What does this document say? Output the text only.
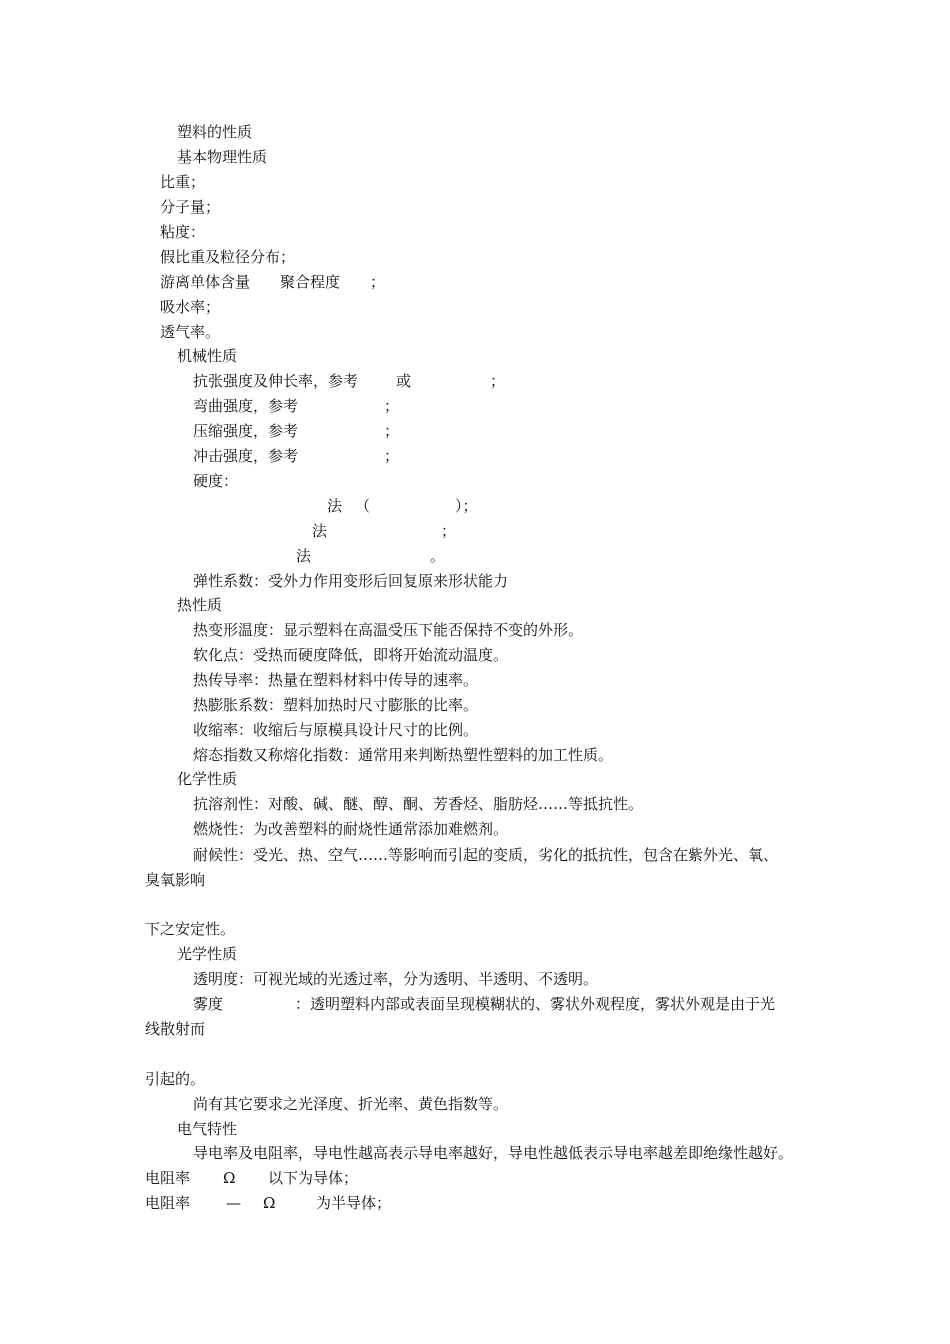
塑料的性质
基本物理性质
比重；
分子量；
粘度：
假比重及粒径分布；
游离单体含量 聚合程度 ；
吸水率；
透气率。
机械性质
抗张强度及伸长率，参考	或	；
弯曲强度，参考	；
压缩强度，参考	；
冲击强度，参考	；
硬度：
法 （	）；
法	；
法	。
弹性系数：受外力作用变形后回复原来形状能力
热性质
热变形温度：显示塑料在高温受压下能否保持不变的外形。
软化点：受热而硬度降低，即将开始流动温度。
热传导率：热量在塑料材料中传导的速率。
热膨胀系数：塑料加热时尺寸膨胀的比率。
收缩率：收缩后与原模具设计尺寸的比例。
熔态指数又称熔化指数：通常用来判断热塑性塑料的加工性质。
化学性质
抗溶剂性：对酸、碱、醚、醇、酮、芳香烃、脂肪烃……等抵抗性。
燃烧性：为改善塑料的耐烧性通常添加难燃剂。
耐候性：受光、热、空气……等影响而引起的变质，劣化的抵抗性，包含在紫外光、氧、
臭氧影响
下之安定性。
光学性质
透明度：可视光域的光透过率，分为透明、半透明、不透明。
雾度	：透明塑料内部或表面呈现模糊状的、雾状外观程度，雾状外观是由于光
线散射而
引起的。
尚有其它要求之光泽度、折光率、黄色指数等。
电气特性
导电率及电阻率，导电性越高表示导电率越好，导电性越低表示导电率越差即绝缘性越好。
电阻率 Ω 以下为导体；
电阻率 — Ω	为半导体；
